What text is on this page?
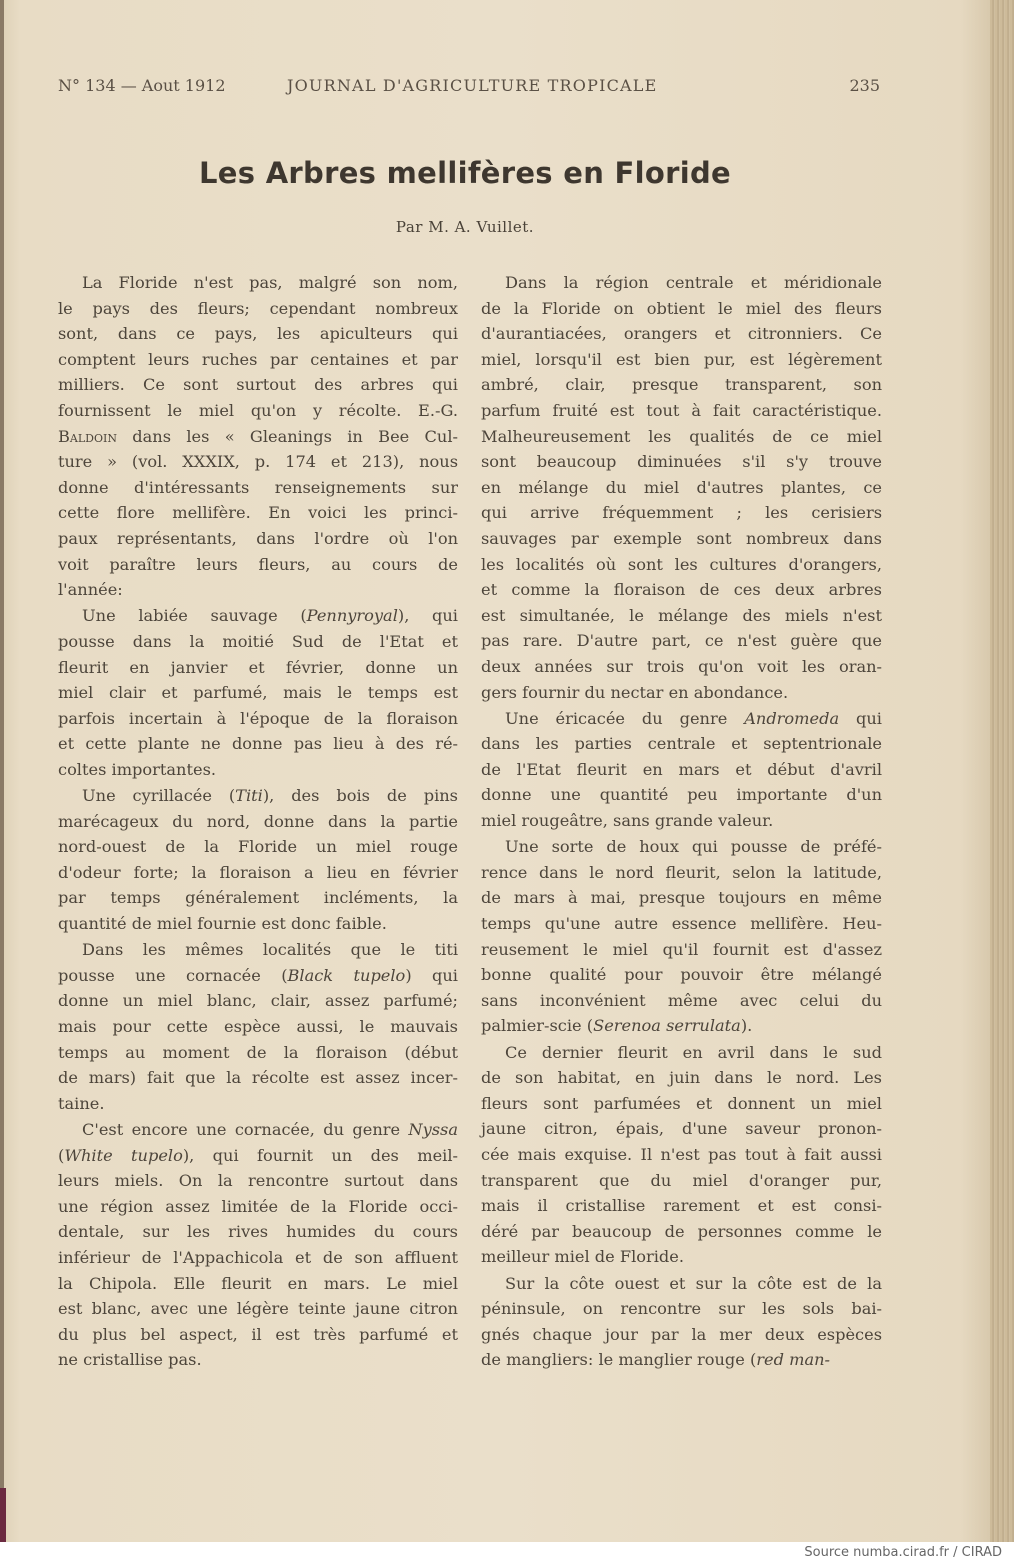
N° 134 — Aout 1912	JOURNAL D'AGRICULTURE TROPICALE	235
Les Arbres mellifères en Floride
Par M. A. Vuillet.
La Floride n'est pas, malgré son nom,
le pays des fleurs; cependant nombreux
sont, dans ce pays, les apiculteurs qui
comptent leurs ruches par centaines et par
milliers. Ce sont surtout des arbres qui
fournissent le miel qu'on y récolte. E.-G.
Baldoin dans les « Gleanings in Bee Cul-
ture » (vol. XXXIX, p. 174 et 213), nous
donne d'intéressants renseignements sur
cette flore mellifère. En voici les princi-
paux représentants, dans l'ordre où l'on
voit paraître leurs fleurs, au cours de
l'année:
Une labiée sauvage (Pennyroyal), qui
pousse dans la moitié Sud de l'Etat et
fleurit en janvier et février, donne un
miel clair et parfumé, mais le temps est
parfois incertain à l'époque de la floraison
et cette plante ne donne pas lieu à des ré-
coltes importantes.
Une cyrillacée (Titi), des bois de pins
marécageux du nord, donne dans la partie
nord-ouest de la Floride un miel rouge
d'odeur forte; la floraison a lieu en février
par temps généralement incléments, la
quantité de miel fournie est donc faible.
Dans les mêmes localités que le titi
pousse une cornacée (Black tupelo) qui
donne un miel blanc, clair, assez parfumé;
mais pour cette espèce aussi, le mauvais
temps au moment de la floraison (début
de mars) fait que la récolte est assez incer-
taine.
C'est encore une cornacée, du genre Nyssa
(White tupelo), qui fournit un des meil-
leurs miels. On la rencontre surtout dans
une région assez limitée de la Floride occi-
dentale, sur les rives humides du cours
inférieur de l'Appachicola et de son affluent
la Chipola. Elle fleurit en mars. Le miel
est blanc, avec une légère teinte jaune citron
du plus bel aspect, il est très parfumé et
ne cristallise pas.
Dans la région centrale et méridionale
de la Floride on obtient le miel des fleurs
d'aurantiacées, orangers et citronniers. Ce
miel, lorsqu'il est bien pur, est légèrement
ambré, clair, presque transparent, son
parfum fruité est tout à fait caractéristique.
Malheureusement les qualités de ce miel
sont beaucoup diminuées s'il s'y trouve
en mélange du miel d'autres plantes, ce
qui arrive fréquemment ; les cerisiers
sauvages par exemple sont nombreux dans
les localités où sont les cultures d'orangers,
et comme la floraison de ces deux arbres
est simultanée, le mélange des miels n'est
pas rare. D'autre part, ce n'est guère que
deux années sur trois qu'on voit les oran-
gers fournir du nectar en abondance.
Une éricacée du genre Andromeda qui
dans les parties centrale et septentrionale
de l'Etat fleurit en mars et début d'avril
donne une quantité peu importante d'un
miel rougeâtre, sans grande valeur.
Une sorte de houx qui pousse de préfé-
rence dans le nord fleurit, selon la latitude,
de mars à mai, presque toujours en même
temps qu'une autre essence mellifère. Heu-
reusement le miel qu'il fournit est d'assez
bonne qualité pour pouvoir être mélangé
sans inconvénient même avec celui du
palmier-scie (Serenoa serrulata).
Ce dernier fleurit en avril dans le sud
de son habitat, en juin dans le nord. Les
fleurs sont parfumées et donnent un miel
jaune citron, épais, d'une saveur pronon-
cée mais exquise. Il n'est pas tout à fait aussi
transparent que du miel d'oranger pur,
mais il cristallise rarement et est consi-
déré par beaucoup de personnes comme le
meilleur miel de Floride.
Sur la côte ouest et sur la côte est de la
péninsule, on rencontre sur les sols bai-
gnés chaque jour par la mer deux espèces
de mangliers: le manglier rouge (red man-
Source numba.cirad.fr / CIRAD
